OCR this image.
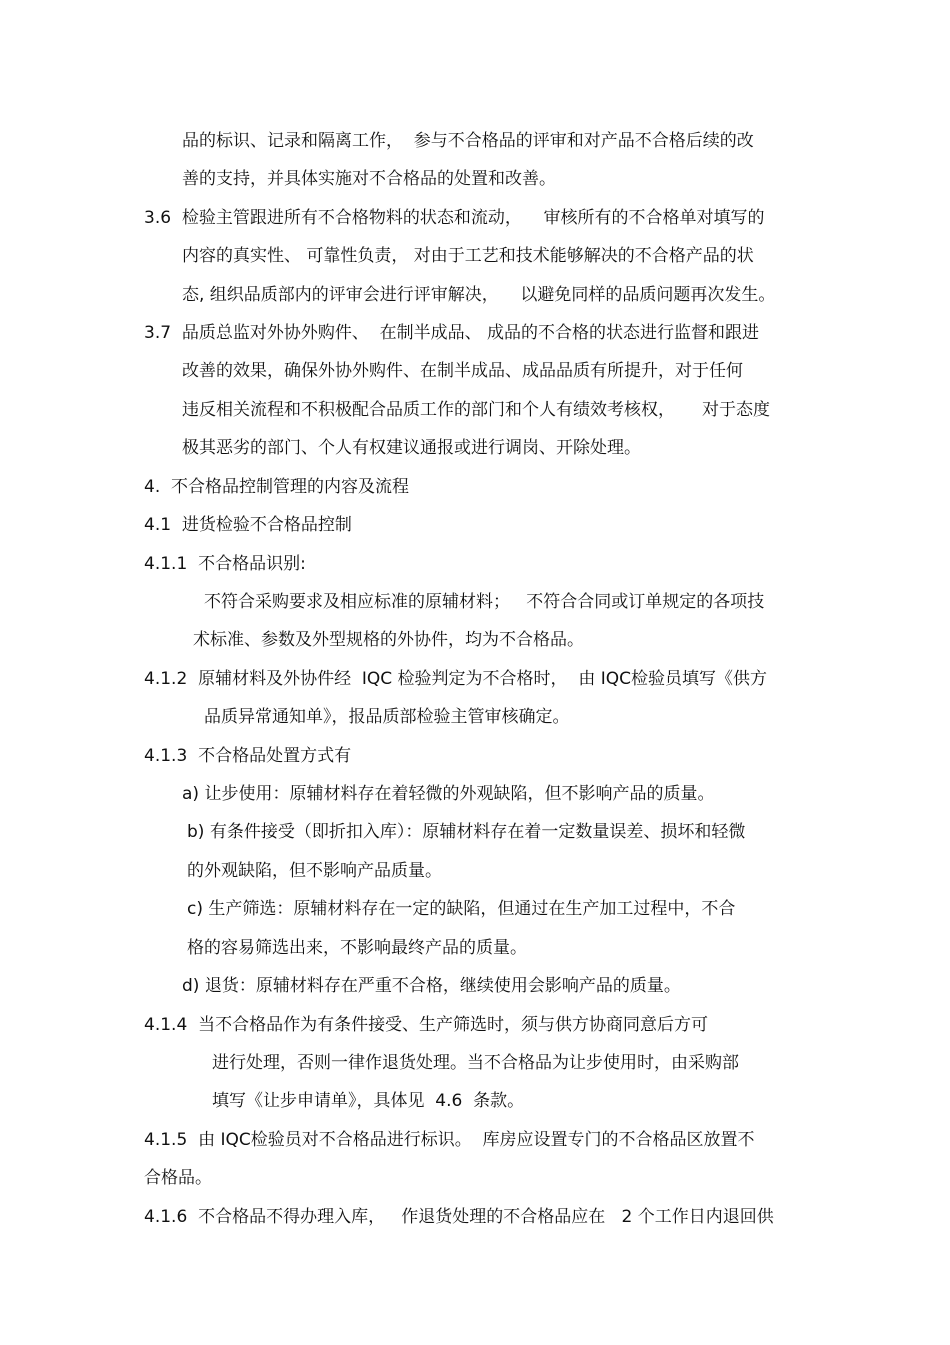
品的标识、记录和隔离工作，  参与不合格品的评审和对产品不合格后续的改
善的支持，并具体实施对不合格品的处置和改善。
3.6  检验主管跟进所有不合格物料的状态和流动，    审核所有的不合格单对填写的
内容的真实性、 可靠性负责， 对由于工艺和技术能够解决的不合格产品的状
态, 组织品质部内的评审会进行评审解决，    以避免同样的品质问题再次发生。
3.7  品质总监对外协外购件、  在制半成品、 成品的不合格的状态进行监督和跟进
改善的效果，确保外协外购件、在制半成品、成品品质有所提升，对于任何
违反相关流程和不积极配合品质工作的部门和个人有绩效考核权，     对于态度
极其恶劣的部门、个人有权建议通报或进行调岗、开除处理。
4.  不合格品控制管理的内容及流程
4.1  进货检验不合格品控制
4.1.1  不合格品识别:
不符合采购要求及相应标准的原辅材料；   不符合合同或订单规定的各项技
术标准、参数及外型规格的外协件，均为不合格品。
4.1.2  原辅材料及外协件经  IQC 检验判定为不合格时，  由 IQC检验员填写《供方
品质异常通知单》，报品质部检验主管审核确定。
4.1.3  不合格品处置方式有
a) 让步使用：原辅材料存在着轻微的外观缺陷，但不影响产品的质量。
b) 有条件接受（即折扣入库）：原辅材料存在着一定数量误差、损坏和轻微
的外观缺陷，但不影响产品质量。
c) 生产筛选：原辅材料存在一定的缺陷，但通过在生产加工过程中，不合
格的容易筛选出来，不影响最终产品的质量。
d) 退货：原辅材料存在严重不合格，继续使用会影响产品的质量。
4.1.4  当不合格品作为有条件接受、生产筛选时，须与供方协商同意后方可
进行处理，否则一律作退货处理。当不合格品为让步使用时，由采购部
填写《让步申请单》，具体见  4.6  条款。
4.1.5  由 IQC检验员对不合格品进行标识。  库房应设置专门的不合格品区放置不
合格品。
4.1.6  不合格品不得办理入库，   作退货处理的不合格品应在   2 个工作日内退回供
